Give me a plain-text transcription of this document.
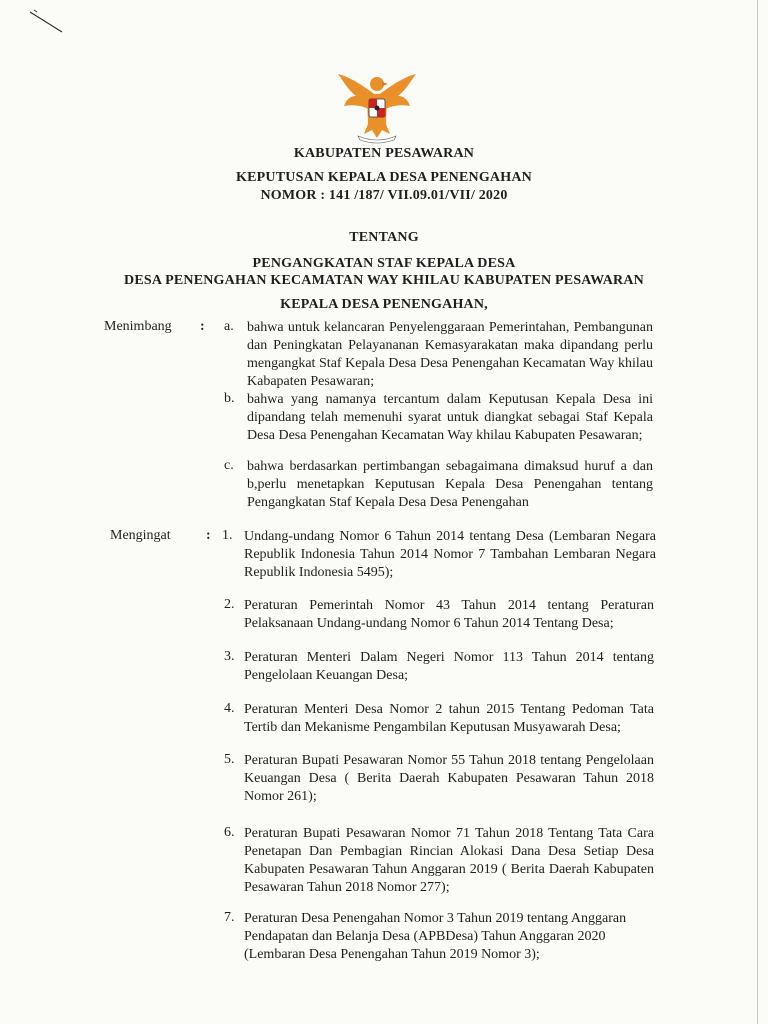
KABUPATEN PESAWARAN
KEPUTUSAN KEPALA DESA PENENGAHAN
NOMOR : 141 /187/ VII.09.01/VII/ 2020
TENTANG
PENGANGKATAN STAF KEPALA DESA
DESA PENENGAHAN KECAMATAN WAY KHILAU KABUPATEN PESAWARAN
KEPALA DESA PENENGAHAN,
Menimbang : a. bahwa untuk kelancaran Penyelenggaraan Pemerintahan, Pembangunan dan Peningkatan Pelayananan Kemasyarakatan maka dipandang perlu mengangkat Staf Kepala Desa Desa Penengahan Kecamatan Way khilau Kabapaten Pesawaran;
b. bahwa yang namanya tercantum dalam Keputusan Kepala Desa ini dipandang telah memenuhi syarat untuk diangkat sebagai Staf Kepala Desa Desa Penengahan Kecamatan Way khilau Kabupaten Pesawaran;
c. bahwa berdasarkan pertimbangan sebagaimana dimaksud huruf a dan b,perlu menetapkan Keputusan Kepala Desa Penengahan tentang Pengangkatan Staf Kepala Desa Desa Penengahan
Mengingat	: 1. Undang-undang Nomor 6 Tahun 2014 tentang Desa (Lembaran Negara Republik Indonesia Tahun 2014 Nomor 7 Tambahan Lembaran Negara Republik Indonesia 5495);
2. Peraturan Pemerintah Nomor 43 Tahun 2014 tentang Peraturan Pelaksanaan Undang-undang Nomor 6 Tahun 2014 Tentang Desa;
3. Peraturan Menteri Dalam Negeri Nomor 113 Tahun 2014 tentang Pengelolaan Keuangan Desa;
4. Peraturan Menteri Desa Nomor 2 tahun 2015 Tentang Pedoman Tata Tertib dan Mekanisme Pengambilan Keputusan Musyawarah Desa;
5. Peraturan Bupati Pesawaran Nomor 55 Tahun 2018 tentang Pengelolaan Keuangan Desa ( Berita Daerah Kabupaten Pesawaran Tahun 2018 Nomor 261);
6. Peraturan Bupati Pesawaran Nomor 71 Tahun 2018 Tentang Tata Cara Penetapan Dan Pembagian Rincian Alokasi Dana Desa Setiap Desa Kabupaten Pesawaran Tahun Anggaran 2019 ( Berita Daerah Kabupaten Pesawaran Tahun 2018 Nomor 277);
7. Peraturan Desa Penengahan Nomor 3 Tahun 2019 tentang Anggaran Pendapatan dan Belanja Desa (APBDesa) Tahun Anggaran 2020 (Lembaran Desa Penengahan Tahun 2019 Nomor 3);
